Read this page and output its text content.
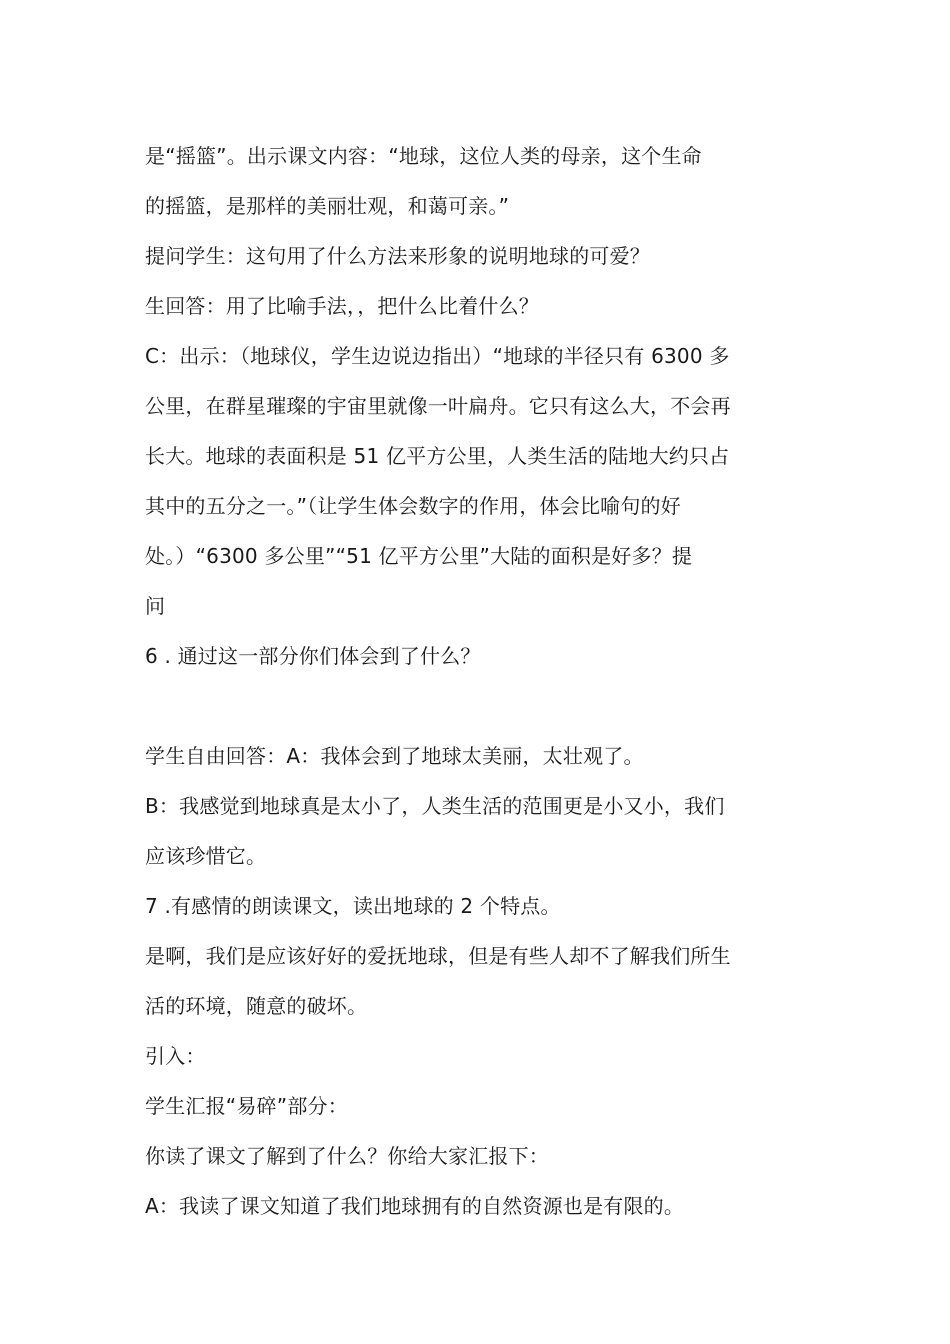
是“摇篮”。出示课文内容：“地球，这位人类的母亲，这个生命
的摇篮，是那样的美丽壮观，和蔼可亲。”
提问学生：这句用了什么方法来形象的说明地球的可爱？
生回答：用了比喻手法，，把什么比着什么？
C：出示：（地球仪，学生边说边指出）“地球的半径只有 6300 多
公里，在群星璀璨的宇宙里就像一叶扁舟。它只有这么大，不会再
长大。地球的表面积是 51 亿平方公里，人类生活的陆地大约只占
其中的五分之一。”（让学生体会数字的作用，体会比喻句的好
处。）“6300 多公里”“51 亿平方公里”大陆的面积是好多？提
问
6 . 通过这一部分你们体会到了什么？
学生自由回答：A：我体会到了地球太美丽，太壮观了。
B：我感觉到地球真是太小了，人类生活的范围更是小又小，我们
应该珍惜它。
7 .有感情的朗读课文，读出地球的 2 个特点。
是啊，我们是应该好好的爱抚地球，但是有些人却不了解我们所生
活的环境，随意的破坏。
引入：
学生汇报“易碎”部分：
你读了课文了解到了什么？你给大家汇报下：
A：我读了课文知道了我们地球拥有的自然资源也是有限的。
